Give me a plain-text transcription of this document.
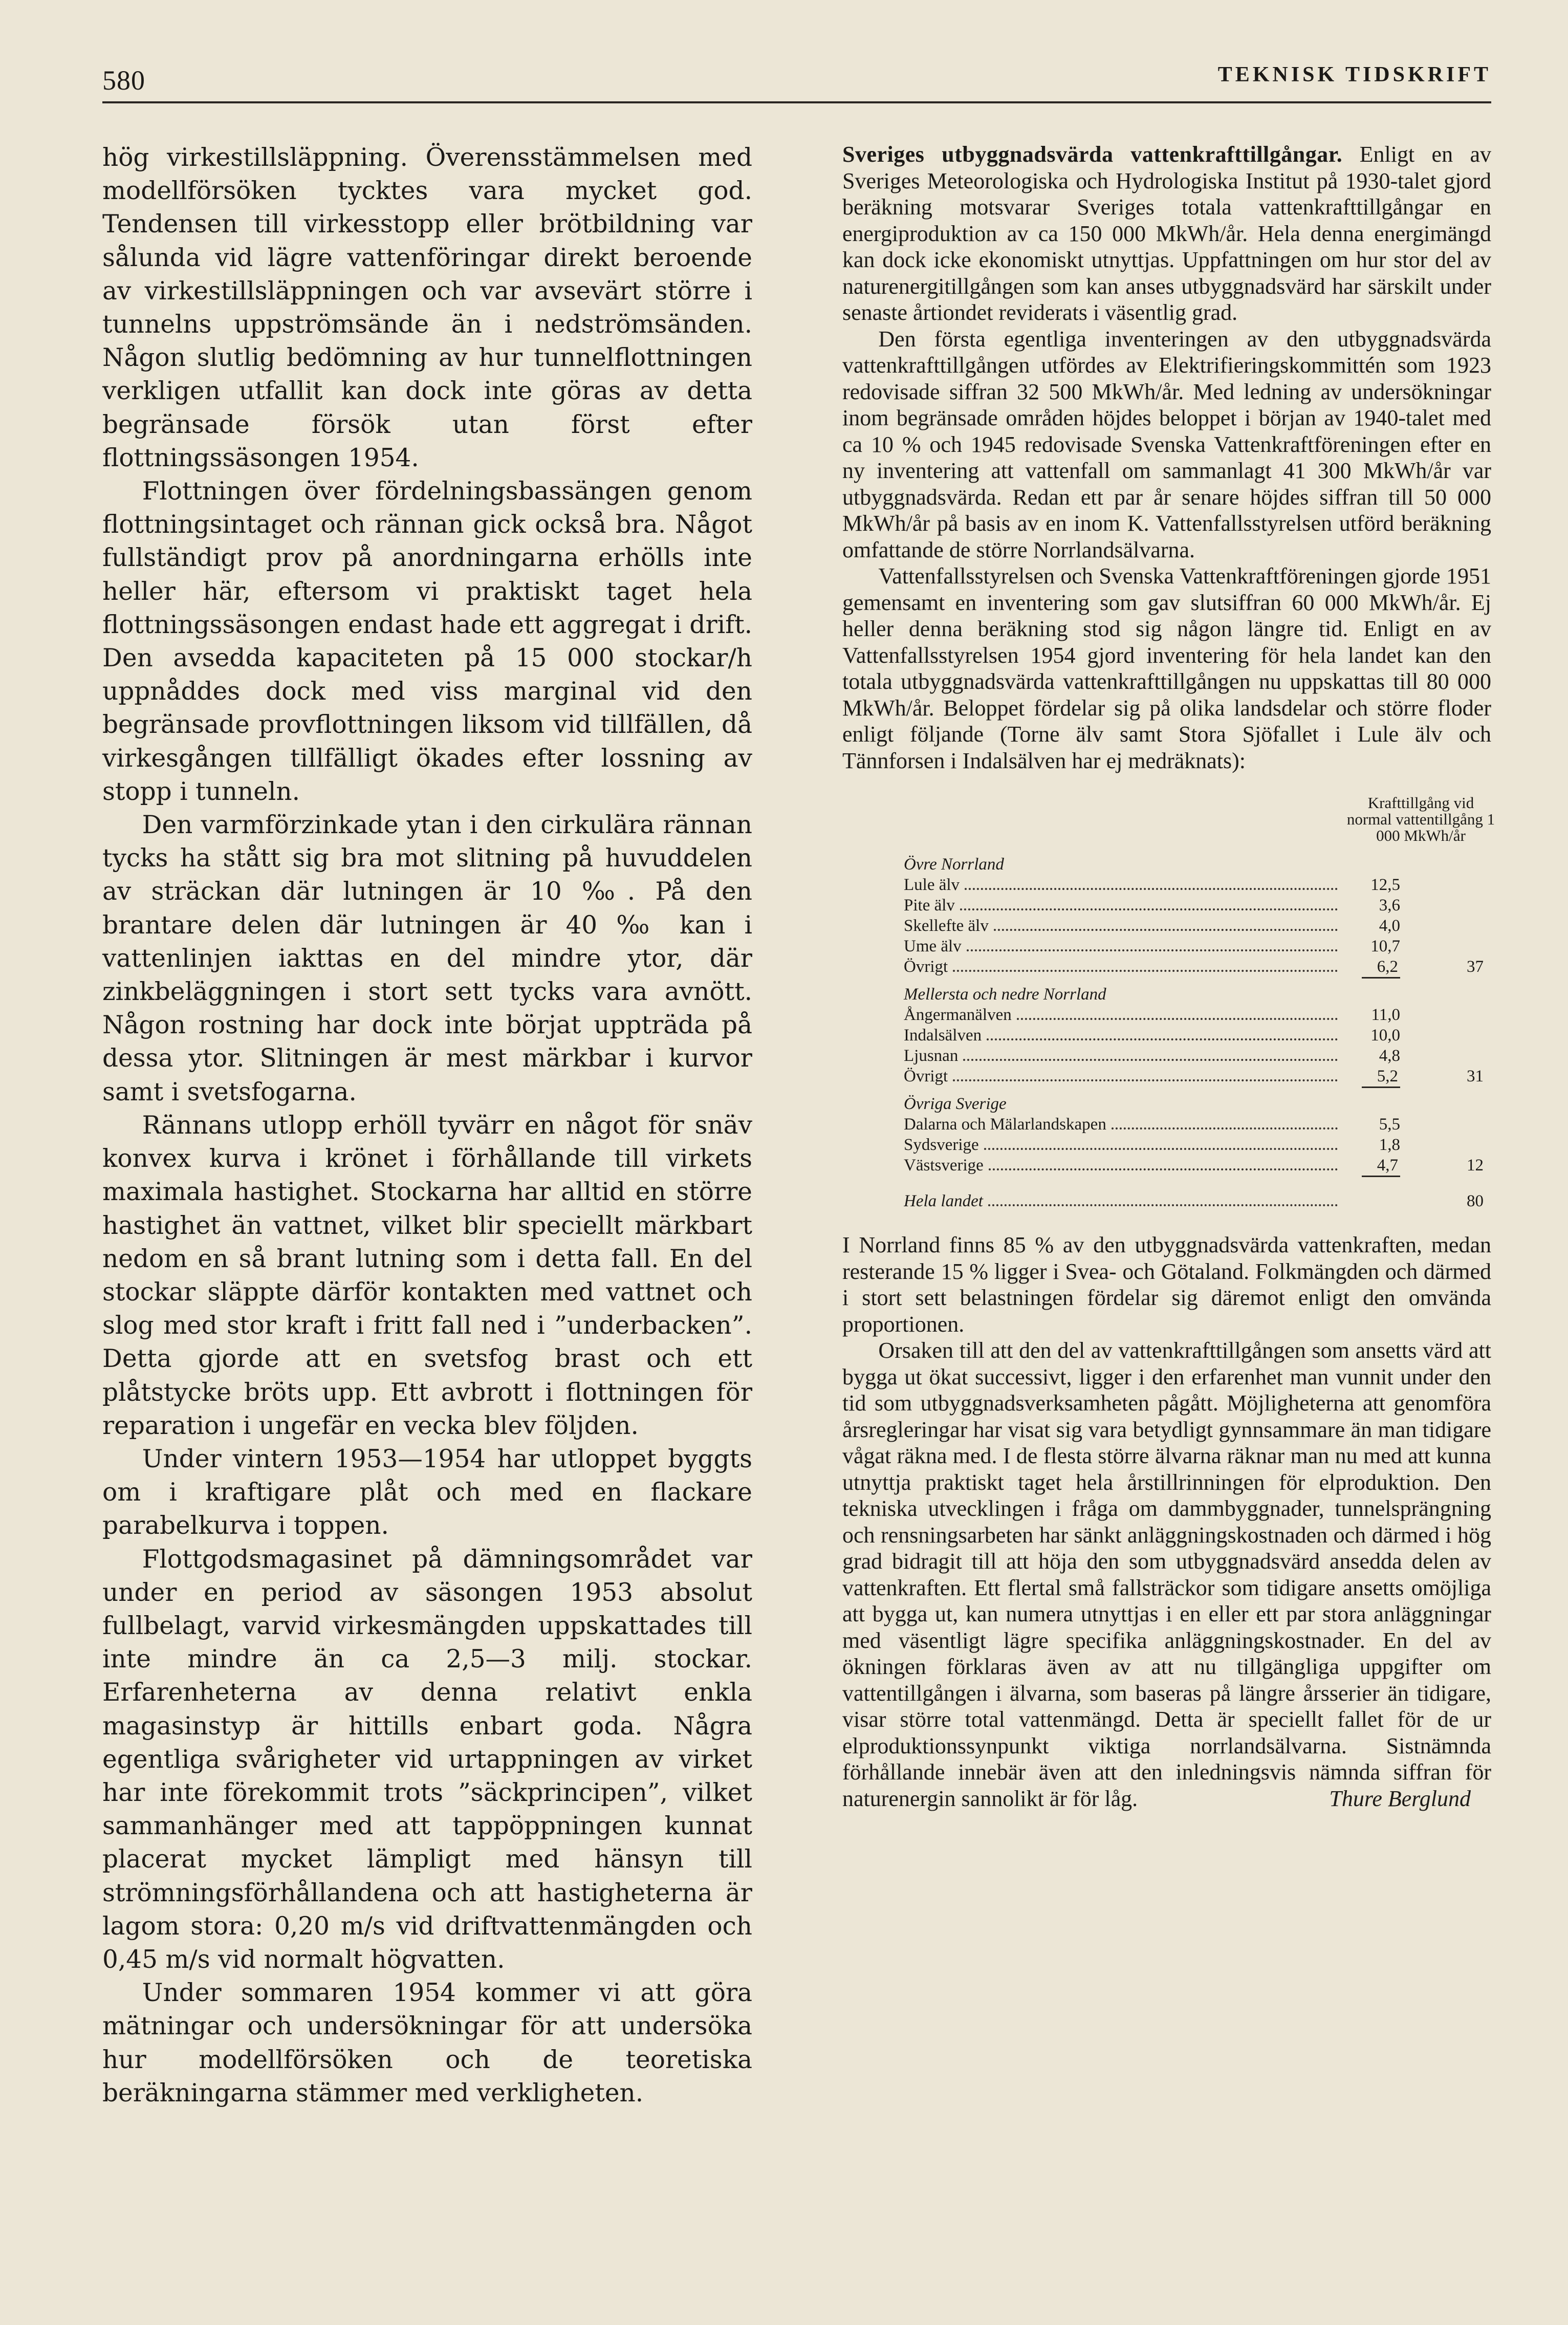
580	TEKNISK TIDSKRIFT

hög virkestillsläppning. Överensstämmelsen med modellförsöken tycktes vara mycket god. Tendensen till virkesstopp eller brötbildning var sålunda vid lägre vattenföringar direkt beroende av virkestillsläppningen och var avsevärt större i tunnelns uppströmsände än i nedströmsänden. Någon slutlig bedömning av hur tunnelflottningen verkligen utfallit kan dock inte göras av detta begränsade försök utan först efter flottningssäsongen 1954.

Flottningen över fördelningsbassängen genom flottningsintaget och rännan gick också bra. Något fullständigt prov på anordningarna erhölls inte heller här, eftersom vi praktiskt taget hela flottningssäsongen endast hade ett aggregat i drift. Den avsedda kapaciteten på 15 000 stockar/h uppnåddes dock med viss marginal vid den begränsade provflottningen liksom vid tillfällen, då virkesgången tillfälligt ökades efter lossning av stopp i tunneln.

Den varmförzinkade ytan i den cirkulära rännan tycks ha stått sig bra mot slitning på huvuddelen av sträckan där lutningen är 10 ‰. På den brantare delen där lutningen är 40 ‰ kan i vattenlinjen iakttas en del mindre ytor, där zinkbeläggningen i stort sett tycks vara avnött. Någon rostning har dock inte börjat uppträda på dessa ytor. Slitningen är mest märkbar i kurvor samt i svetsfogarna.

Rännans utlopp erhöll tyvärr en något för snäv konvex kurva i krönet i förhållande till virkets maximala hastighet. Stockarna har alltid en större hastighet än vattnet, vilket blir speciellt märkbart nedom en så brant lutning som i detta fall. En del stockar släppte därför kontakten med vattnet och slog med stor kraft i fritt fall ned i ”underbacken”. Detta gjorde att en svetsfog brast och ett plåtstycke bröts upp. Ett avbrott i flottningen för reparation i ungefär en vecka blev följden.

Under vintern 1953—1954 har utloppet byggts om i kraftigare plåt och med en flackare parabelkurva i toppen.

Flottgodsmagasinet på dämningsområdet var under en period av säsongen 1953 absolut fullbelagt, varvid virkesmängden uppskattades till inte mindre än ca 2,5—3 milj. stockar. Erfarenheterna av denna relativt enkla magasinstyp är hittills enbart goda. Några egentliga svårigheter vid urtappningen av virket har inte förekommit trots ”säckprincipen”, vilket sammanhänger med att tappöppningen kunnat placerat mycket lämpligt med hänsyn till strömningsförhållandena och att hastigheterna är lagom stora: 0,20 m/s vid driftvattenmängden och 0,45 m/s vid normalt högvatten.

Under sommaren 1954 kommer vi att göra mätningar och undersökningar för att undersöka hur modellförsöken och de teoretiska beräkningarna stämmer med verkligheten.

Sveriges utbyggnadsvärda vattenkrafttillgångar. Enligt en av Sveriges Meteorologiska och Hydrologiska Institut på 1930-talet gjord beräkning motsvarar Sveriges totala vattenkrafttillgångar en energiproduktion av ca 150 000 MkWh/år. Hela denna energimängd kan dock icke ekonomiskt utnyttjas. Uppfattningen om hur stor del av naturenergitillgången som kan anses utbyggnadsvärd har särskilt under senaste årtiondet reviderats i väsentlig grad.

Den första egentliga inventeringen av den utbyggnadsvärda vattenkrafttillgången utfördes av Elektrifieringskommittén som 1923 redovisade siffran 32 500 MkWh/år. Med ledning av undersökningar inom begränsade områden höjdes beloppet i början av 1940-talet med ca 10 % och 1945 redovisade Svenska Vattenkraftföreningen efter en ny inventering att vattenfall om sammanlagt 41 300 MkWh/år var utbyggnadsvärda. Redan ett par år senare höjdes siffran till 50 000 MkWh/år på basis av en inom K. Vattenfallsstyrelsen utförd beräkning omfattande de större Norrlandsälvarna.

Vattenfallsstyrelsen och Svenska Vattenkraftföreningen gjorde 1951 gemensamt en inventering som gav slutsiffran 60 000 MkWh/år. Ej heller denna beräkning stod sig någon längre tid. Enligt en av Vattenfallsstyrelsen 1954 gjord inventering för hela landet kan den totala utbyggnadsvärda vattenkrafttillgången nu uppskattas till 80 000 MkWh/år. Beloppet fördelar sig på olika landsdelar och större floder enligt följande (Torne älv samt Stora Sjöfallet i Lule älv och Tännforsen i Indalsälven har ej medräknats):

	Krafttillgång vid normal vattentillgång 1 000 MkWh/år	
Övre Norrland		

Lule älv	12,5	

Pite älv	3,6	

Skellefte älv	4,0	

Ume älv	10,7	

Övrigt	6,2	37
Mellersta och nedre Norrland		

Ångermanälven	11,0	

Indalsälven	10,0	

Ljusnan	4,8	

Övrigt	5,2	31
Övriga Sverige		

Dalarna och Mälarlandskapen	5,5	

Sydsverige	1,8	

Västsverige	4,7	12

Hela landet		80

I Norrland finns 85 % av den utbyggnadsvärda vattenkraften, medan resterande 15 % ligger i Svea- och Götaland. Folkmängden och därmed i stort sett belastningen fördelar sig däremot enligt den omvända proportionen.

Orsaken till att den del av vattenkrafttillgången som ansetts värd att bygga ut ökat successivt, ligger i den erfarenhet man vunnit under den tid som utbyggnadsverksamheten pågått. Möjligheterna att genomföra årsregleringar har visat sig vara betydligt gynnsammare än man tidigare vågat räkna med. I de flesta större älvarna räknar man nu med att kunna utnyttja praktiskt taget hela årstillrinningen för elproduktion. Den tekniska utvecklingen i fråga om dammbyggnader, tunnelsprängning och rensningsarbeten har sänkt anläggningskostnaden och därmed i hög grad bidragit till att höja den som utbyggnadsvärd ansedda delen av vattenkraften. Ett flertal små fallsträckor som tidigare ansetts omöjliga att bygga ut, kan numera utnyttjas i en eller ett par stora anläggningar med väsentligt lägre specifika anläggningskostnader. En del av ökningen förklaras även av att nu tillgängliga uppgifter om vattentillgången i älvarna, som baseras på längre årsserier än tidigare, visar större total vattenmängd. Detta är speciellt fallet för de ur elproduktionssynpunkt viktiga norrlandsälvarna. Sistnämnda förhållande innebär även att den inledningsvis nämnda siffran för naturenergin sannolikt är för låg.	Thure Berglund
